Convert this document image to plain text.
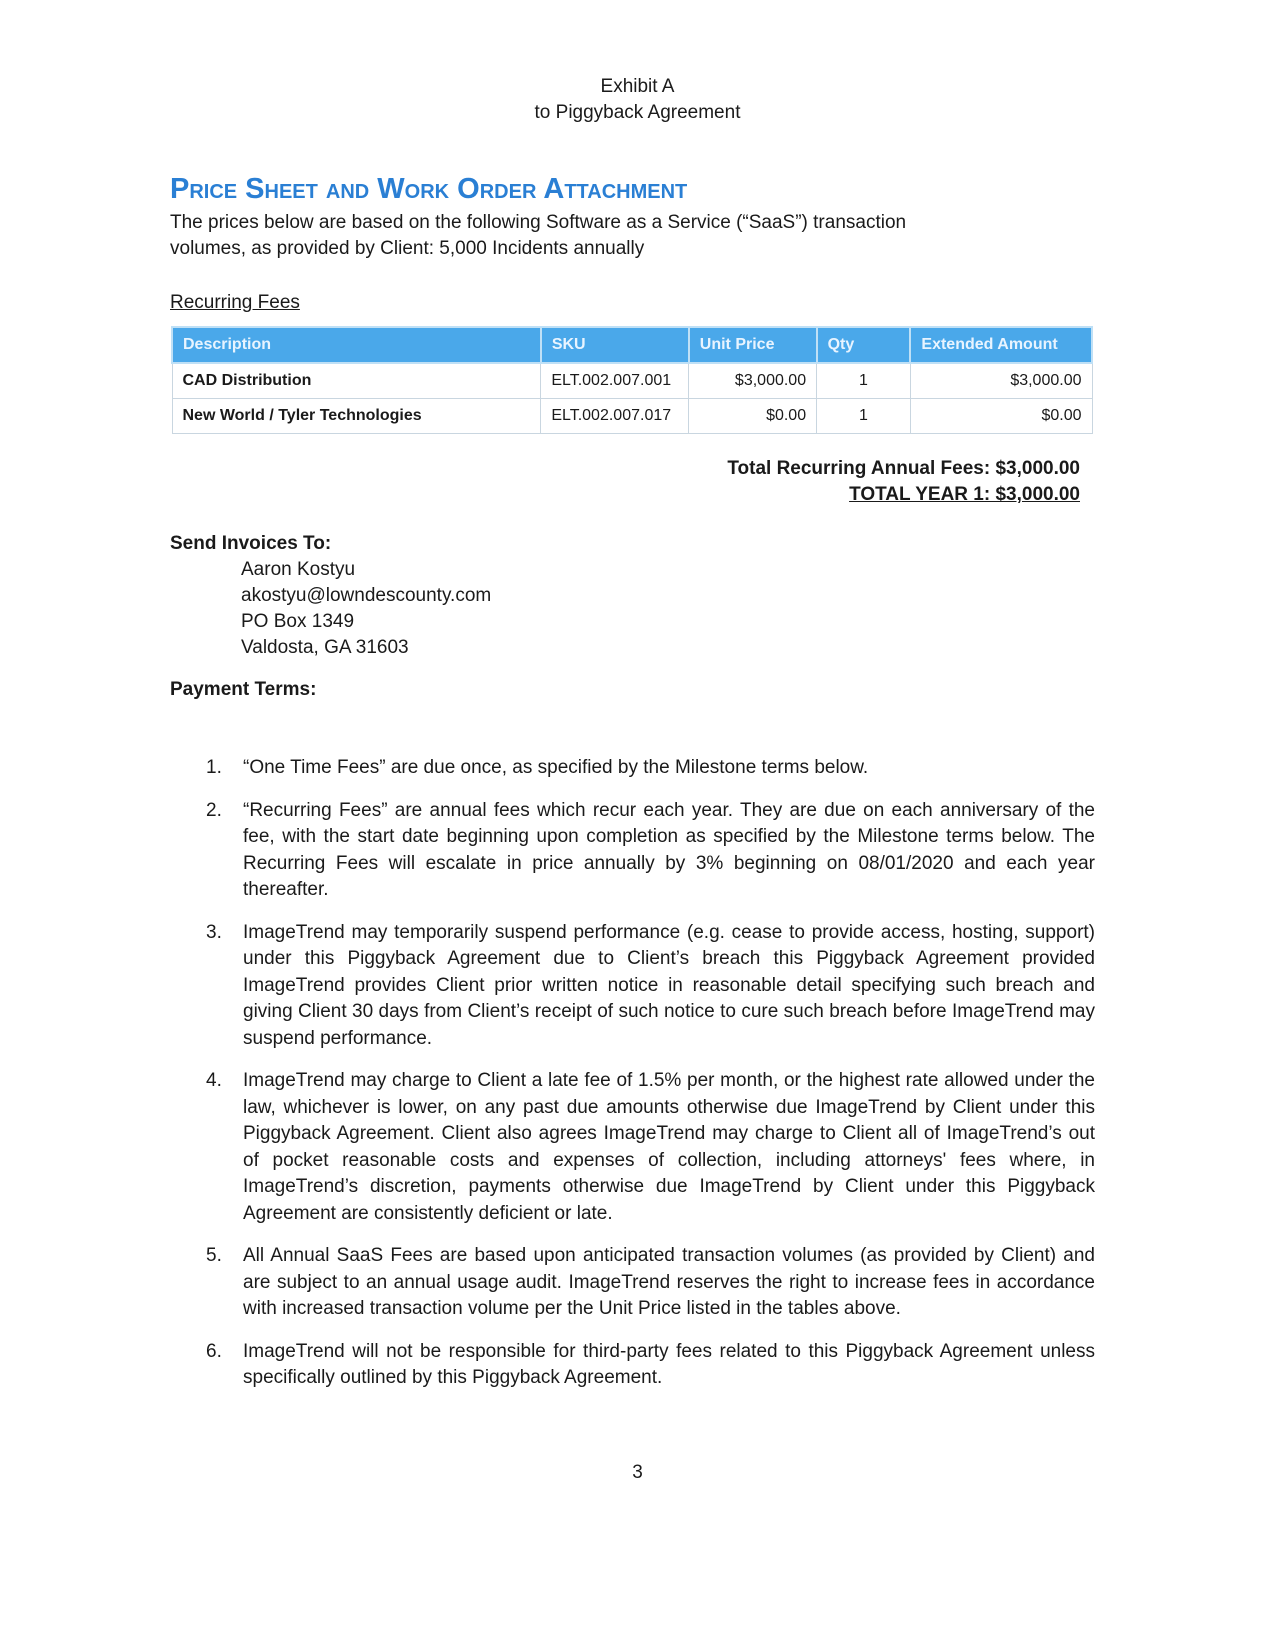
Exhibit A
to Piggyback Agreement
Price Sheet and Work Order Attachment
The prices below are based on the following Software as a Service (“SaaS”) transaction
volumes, as provided by Client: 5,000 Incidents annually
Recurring Fees
Description	SKU	Unit Price	Qty	Extended Amount
CAD Distribution	ELT.002.007.001	$3,000.00	1	$3,000.00
New World / Tyler Technologies	ELT.002.007.017	$0.00	1	$0.00
Total Recurring Annual Fees: $3,000.00
TOTAL YEAR 1: $3,000.00
Send Invoices To:
Aaron Kostyu
akostyu@lowndescounty.com
PO Box 1349
Valdosta, GA 31603
Payment Terms:
1. “One Time Fees” are due once, as specified by the Milestone terms below.
2. “Recurring Fees” are annual fees which recur each year. They are due on each anniversary of the fee, with the start date beginning upon completion as specified by the Milestone terms below. The Recurring Fees will escalate in price annually by 3% beginning on 08/01/2020 and each year thereafter.
3. ImageTrend may temporarily suspend performance (e.g. cease to provide access, hosting, support) under this Piggyback Agreement due to Client’s breach this Piggyback Agreement provided ImageTrend provides Client prior written notice in reasonable detail specifying such breach and giving Client 30 days from Client’s receipt of such notice to cure such breach before ImageTrend may suspend performance.
4. ImageTrend may charge to Client a late fee of 1.5% per month, or the highest rate allowed under the law, whichever is lower, on any past due amounts otherwise due ImageTrend by Client under this Piggyback Agreement. Client also agrees ImageTrend may charge to Client all of ImageTrend’s out of pocket reasonable costs and expenses of collection, including attorneys' fees where, in ImageTrend’s discretion, payments otherwise due ImageTrend by Client under this Piggyback Agreement are consistently deficient or late.
5. All Annual SaaS Fees are based upon anticipated transaction volumes (as provided by Client) and are subject to an annual usage audit. ImageTrend reserves the right to increase fees in accordance with increased transaction volume per the Unit Price listed in the tables above.
6. ImageTrend will not be responsible for third-party fees related to this Piggyback Agreement unless specifically outlined by this Piggyback Agreement.
3
